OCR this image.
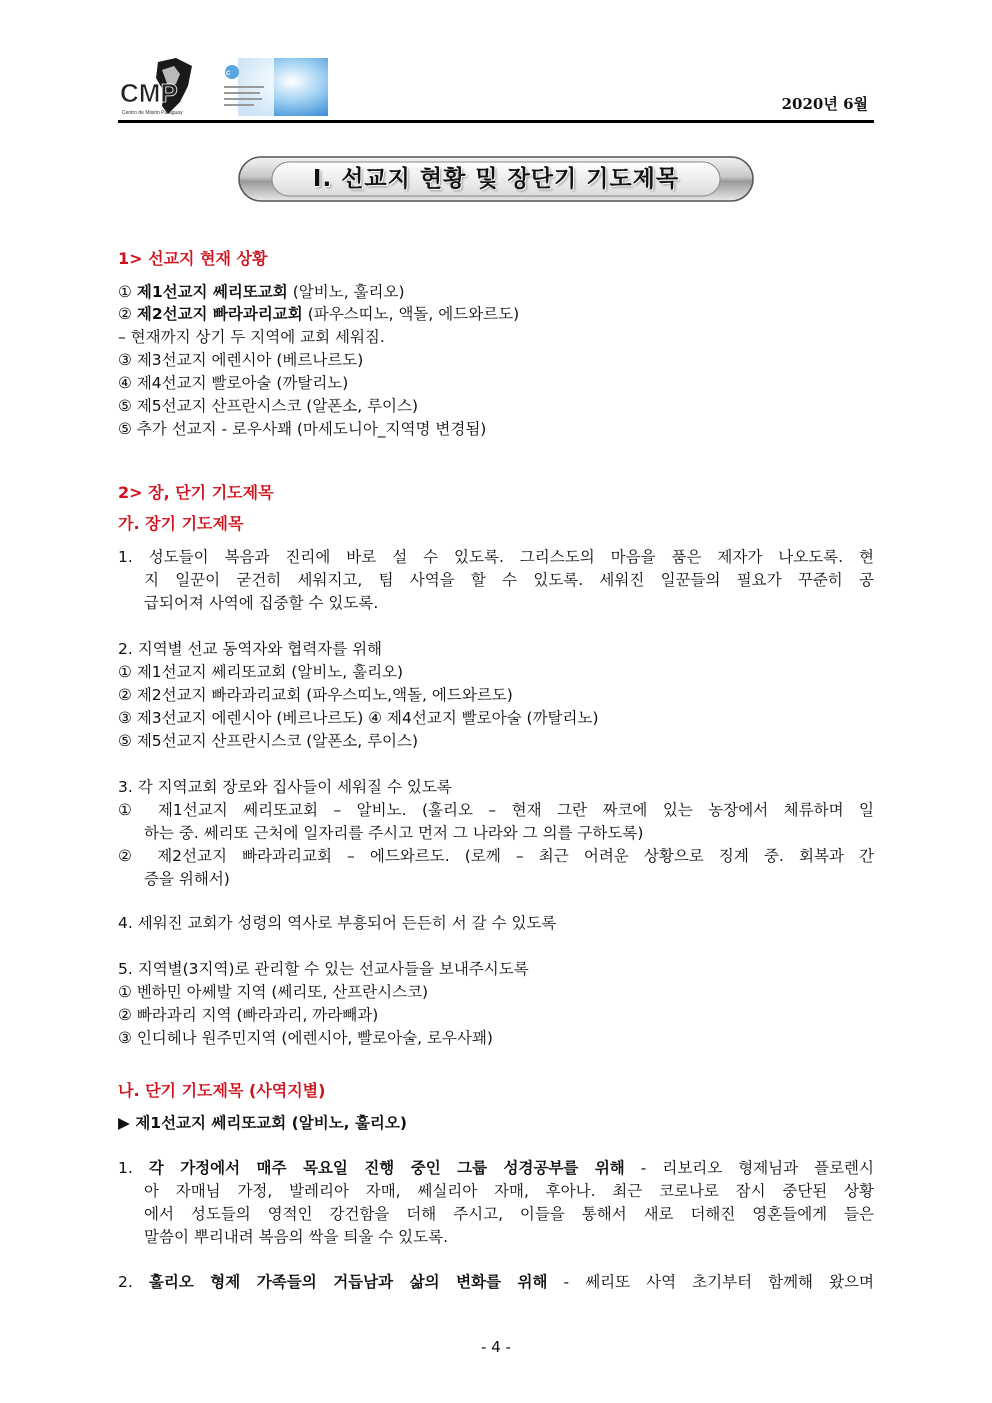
CMP
Centro de Misión Paraguay
C
2020년 6월
Ⅰ. 선교지 현황 및 장단기 기도제목
1> 선교지 현재 상황
① 제1선교지 쎄리또교회 (알비노, 훌리오)
② 제2선교지 빠라과리교회 (파우스띠노, 액돌, 에드와르도)
– 현재까지 상기 두 지역에 교회 세워짐.
③ 제3선교지 에렌시아 (베르나르도)
④ 제4선교지 빨로아술 (까탈리노)
⑤ 제5선교지 산프란시스코 (알폰소, 루이스)
⑤ 추가 선교지 - 로우사꽤 (마세도니아_지역명 변경됨)
2> 장, 단기 기도제목
가. 장기 기도제목
1. 성도들이 복음과 진리에 바로 설 수 있도록. 그리스도의 마음을 품은 제자가 나오도록. 현
지 일꾼이 굳건히 세워지고, 팀 사역을 할 수 있도록. 세워진 일꾼들의 필요가 꾸준히 공
급되어져 사역에 집중할 수 있도록.
2. 지역별 선교 동역자와 협력자를 위해
① 제1선교지 쎄리또교회 (알비노, 훌리오)
② 제2선교지 빠라과리교회 (파우스띠노,액돌, 에드와르도)
③ 제3선교지 에렌시아 (베르나르도) ④ 제4선교지 빨로아술 (까탈리노)
⑤ 제5선교지 산프란시스코 (알폰소, 루이스)
3. 각 지역교회 장로와 집사들이 세워질 수 있도록
① 제1선교지 쎄리또교회 – 알비노. (훌리오 – 현재 그란 짜코에 있는 농장에서 체류하며 일
하는 중. 쎄리또 근처에 일자리를 주시고 먼저 그 나라와 그 의를 구하도록)
② 제2선교지 빠라과리교회 – 에드와르도. (로께 – 최근 어려운 상황으로 징계 중. 회복과 간
증을 위해서)
4. 세워진 교회가 성령의 역사로 부흥되어 든든히 서 갈 수 있도록
5. 지역별(3지역)로 관리할 수 있는 선교사들을 보내주시도록
① 벤하민 아쎄발 지역 (쎄리또, 산프란시스코)
② 빠라과리 지역 (빠라과리, 까라빼과)
③ 인디헤나 원주민지역 (에렌시아, 빨로아술, 로우사꽤)
나. 단기 기도제목 (사역지별)
▶ 제1선교지 쎄리또교회 (알비노, 훌리오)
1. 각 가정에서 매주 목요일 진행 중인 그룹 성경공부를 위해 - 리보리오 형제님과 플로렌시
아 자매님 가정, 발레리아 자매, 쎄실리아 자매, 후아나. 최근 코로나로 잠시 중단된 상황
에서 성도들의 영적인 강건함을 더해 주시고, 이들을 통해서 새로 더해진 영혼들에게 들은
말씀이 뿌리내려 복음의 싹을 틔울 수 있도록.
2. 훌리오 형제 가족들의 거듭남과 삶의 변화를 위해 - 쎄리또 사역 초기부터 함께해 왔으며
- 4 -
